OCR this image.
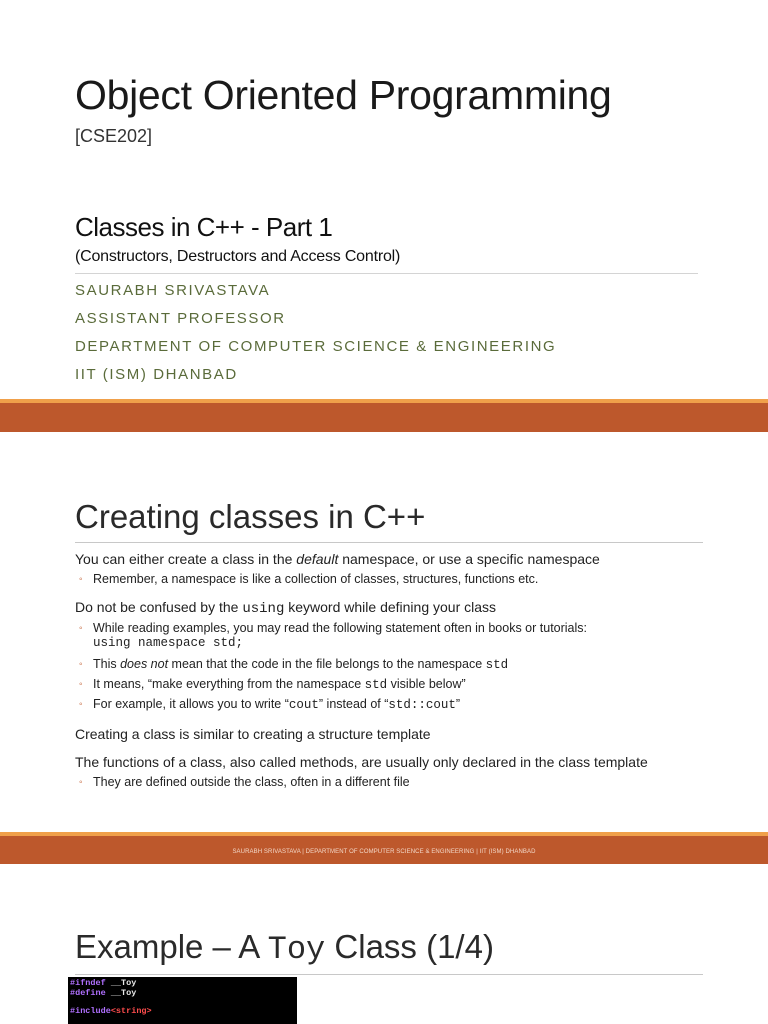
Object Oriented Programming
[CSE202]
Classes in C++ - Part 1
(Constructors, Destructors and Access Control)
SAURABH SRIVASTAVA
ASSISTANT PROFESSOR
DEPARTMENT OF COMPUTER SCIENCE & ENGINEERING
IIT (ISM) DHANBAD
Creating classes in C++
You can either create a class in the default namespace, or use a specific namespace
◦ Remember, a namespace is like a collection of classes, structures, functions etc.
Do not be confused by the using keyword while defining your class
◦ While reading examples, you may read the following statement often in books or tutorials:
using namespace std;
◦ This does not mean that the code in the file belongs to the namespace std
◦ It means, “make everything from the namespace std visible below”
◦ For example, it allows you to write “cout” instead of “std::cout”
Creating a class is similar to creating a structure template
The functions of a class, also called methods, are usually only declared in the class template
◦ They are defined outside the class, often in a different file
SAURABH SRIVASTAVA | DEPARTMENT OF COMPUTER SCIENCE & ENGINEERING | IIT (ISM) DHANBAD
Example – A Toy Class (1/4)
#ifndef __Toy
#define __Toy
#include<string>
